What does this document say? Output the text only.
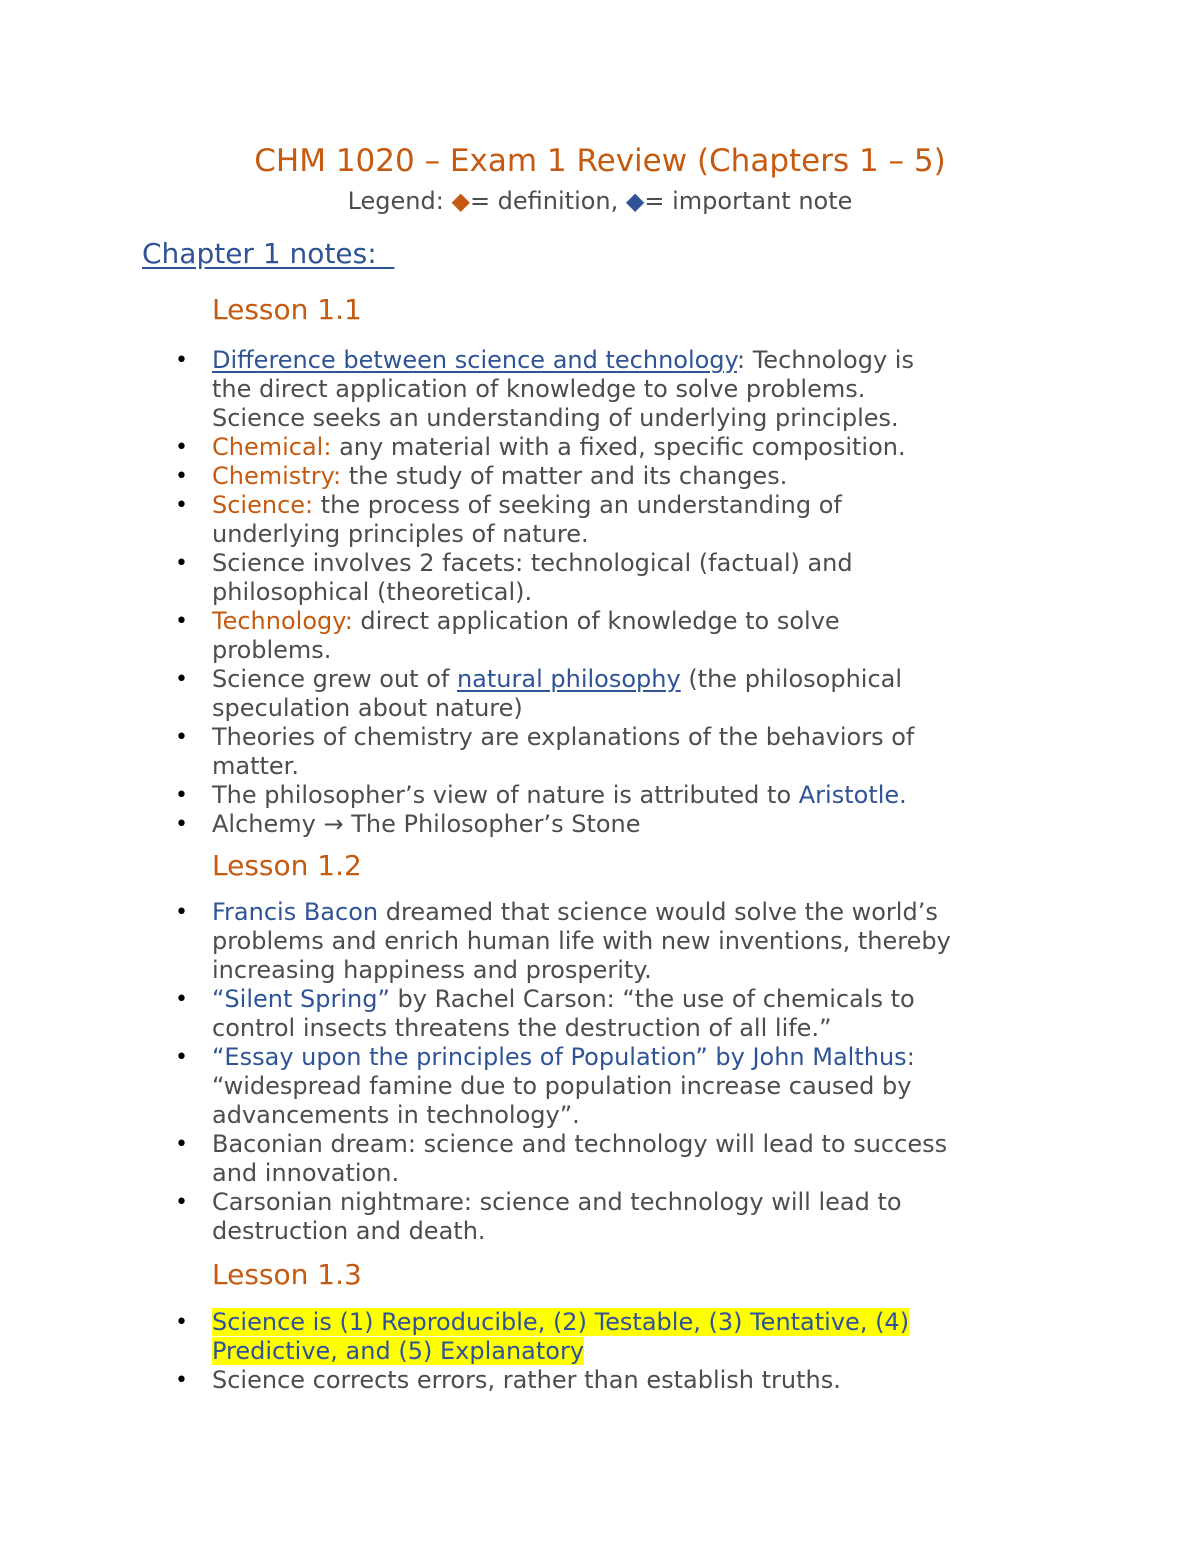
CHM 1020 – Exam 1 Review (Chapters 1 – 5)
Legend: ◆= definition, ◆= important note
Chapter 1 notes:
Lesson 1.1
• Difference between science and technology: Technology is
the direct application of knowledge to solve problems.
Science seeks an understanding of underlying principles.
• Chemical: any material with a fixed, specific composition.
• Chemistry: the study of matter and its changes.
• Science: the process of seeking an understanding of
underlying principles of nature.
• Science involves 2 facets: technological (factual) and
philosophical (theoretical).
• Technology: direct application of knowledge to solve
problems.
• Science grew out of natural philosophy (the philosophical
speculation about nature)
• Theories of chemistry are explanations of the behaviors of
matter.
• The philosopher’s view of nature is attributed to Aristotle.
• Alchemy → The Philosopher’s Stone
Lesson 1.2
• Francis Bacon dreamed that science would solve the world’s
problems and enrich human life with new inventions, thereby
increasing happiness and prosperity.
• “Silent Spring” by Rachel Carson: “the use of chemicals to
control insects threatens the destruction of all life.”
• “Essay upon the principles of Population” by John Malthus:
“widespread famine due to population increase caused by
advancements in technology”.
• Baconian dream: science and technology will lead to success
and innovation.
• Carsonian nightmare: science and technology will lead to
destruction and death.
Lesson 1.3
• Science is (1) Reproducible, (2) Testable, (3) Tentative, (4)
Predictive, and (5) Explanatory
• Science corrects errors, rather than establish truths.
